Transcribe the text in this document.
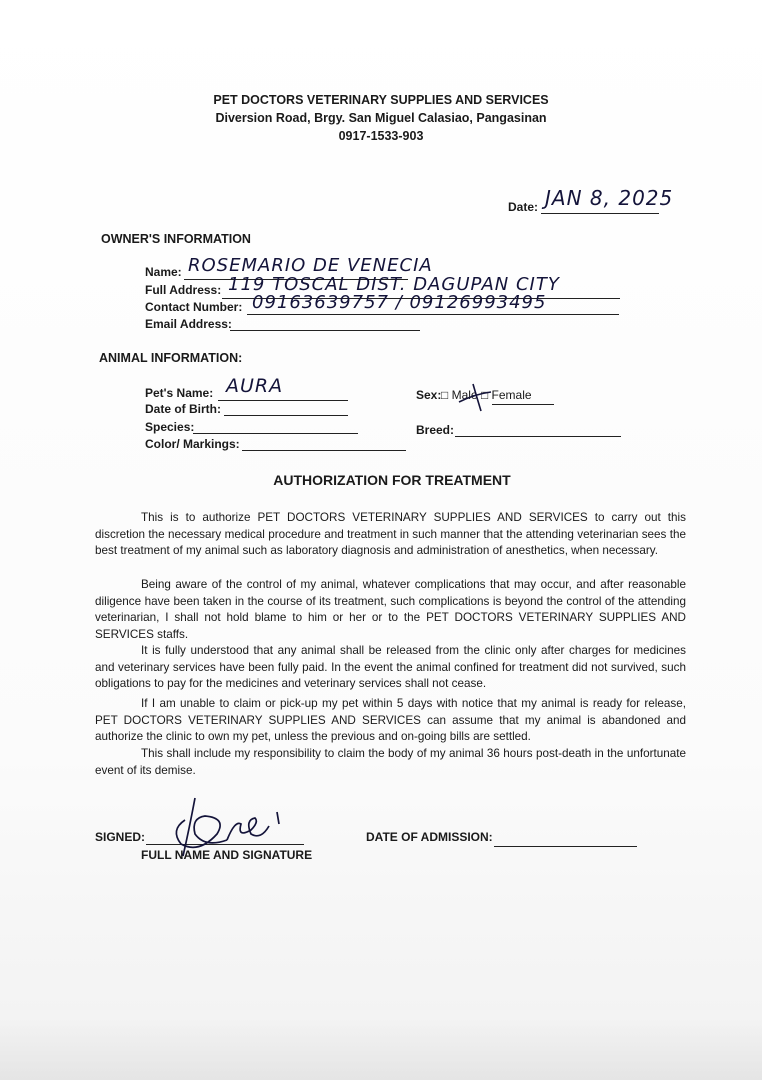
PET DOCTORS VETERINARY SUPPLIES AND SERVICES
Diversion Road, Brgy. San Miguel Calasiao, Pangasinan
0917-1533-903
Date: JAN 8, 2025
OWNER'S INFORMATION
Name: ROSEMARIO DE VENECIA
Full Address: 119 TOSCAL DIST. DAGUPAN CITY
Contact Number: 09163639757 / 09126993495
Email Address:
ANIMAL INFORMATION:
Pet's Name: AURA
Date of Birth:
Species:
Color/ Markings:
Sex: □ Male □ Female
Breed:
AUTHORIZATION FOR TREATMENT
This is to authorize PET DOCTORS VETERINARY SUPPLIES AND SERVICES to carry out this discretion the necessary medical procedure and treatment in such manner that the attending veterinarian sees the best treatment of my animal such as laboratory diagnosis and administration of anesthetics, when necessary.
Being aware of the control of my animal, whatever complications that may occur, and after reasonable diligence have been taken in the course of its treatment, such complications is beyond the control of the attending veterinarian, I shall not hold blame to him or her or to the PET DOCTORS VETERINARY SUPPLIES AND SERVICES staffs.
It is fully understood that any animal shall be released from the clinic only after charges for medicines and veterinary services have been fully paid. In the event the animal confined for treatment did not survived, such obligations to pay for the medicines and veterinary services shall not cease.
If I am unable to claim or pick-up my pet within 5 days with notice that my animal is ready for release, PET DOCTORS VETERINARY SUPPLIES AND SERVICES can assume that my animal is abandoned and authorize the clinic to own my pet, unless the previous and on-going bills are settled.
This shall include my responsibility to claim the body of my animal 36 hours post-death in the unfortunate event of its demise.
SIGNED:
FULL NAME AND SIGNATURE
DATE OF ADMISSION:
